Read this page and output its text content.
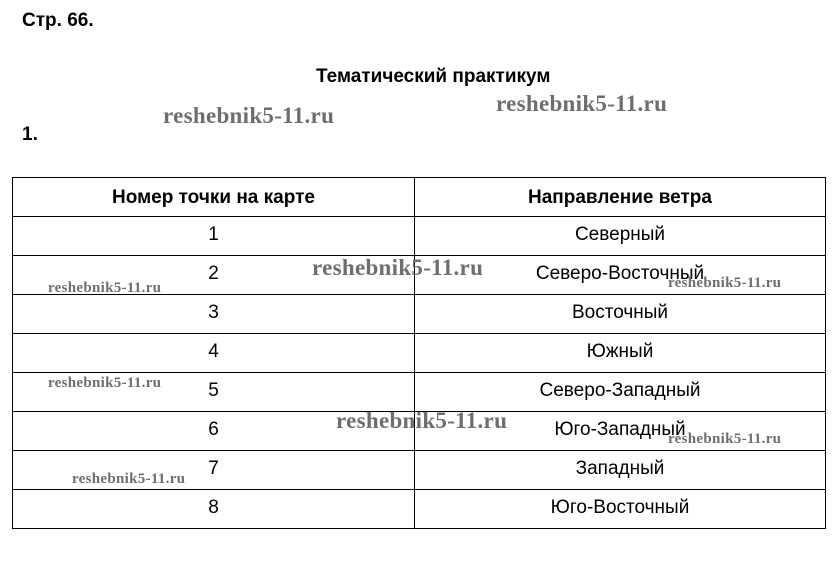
Стр. 66.
Тематический практикум
1.
Номер точки на карте	Направление ветра
1	Северный
2	Северо-Восточный
3	Восточный
4	Южный
5	Северо-Западный
6	Юго-Западный
7	Западный
8	Юго-Восточный
reshebnik5-11.ru	reshebnik5-11.ru
reshebnik5-11.ru
reshebnik5-11.ru	reshebnik5-11.ru
reshebnik5-11.ru
reshebnik5-11.ru
reshebnik5-11.ru
reshebnik5-11.ru
